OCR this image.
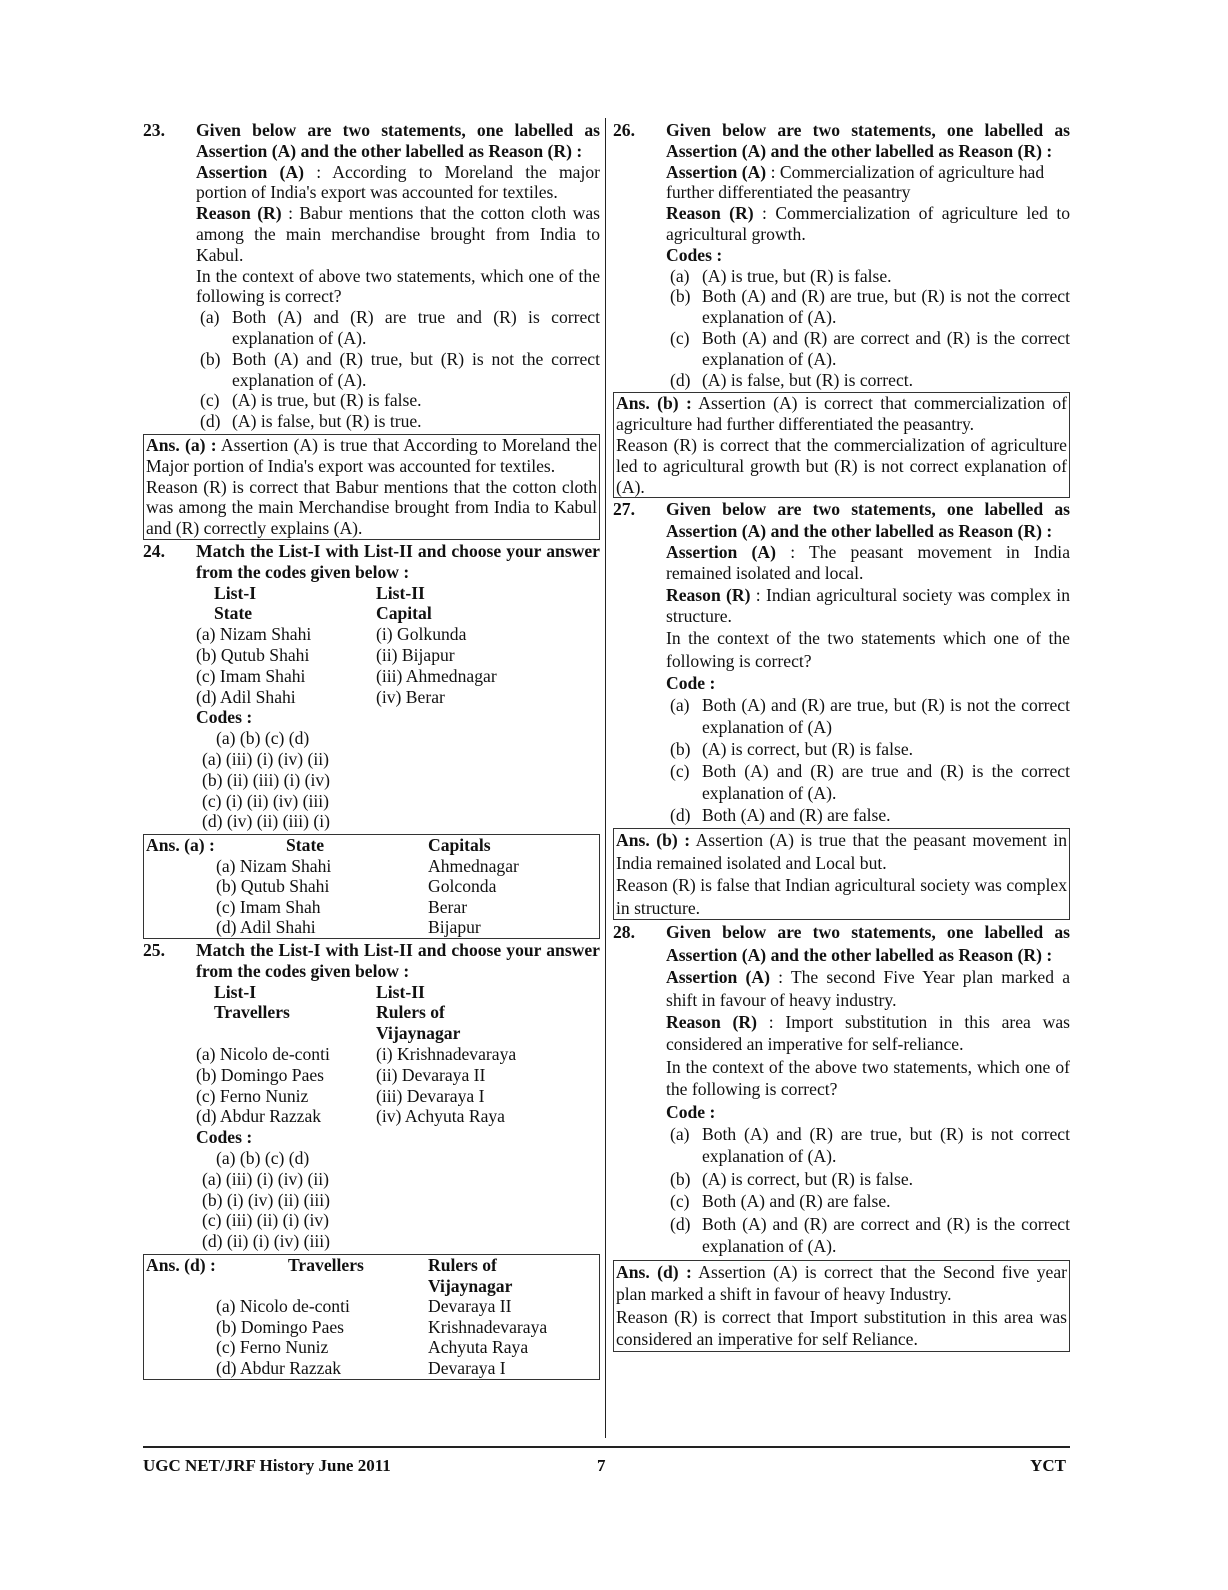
23. Given below are two statements, one labelled as Assertion (A) and the other labelled as Reason (R) :

Assertion (A) : According to Moreland the major portion of India's export was accounted for textiles.

Reason (R) : Babur mentions that the cotton cloth was among the main merchandise brought from India to Kabul.

In the context of above two statements, which one of the following is correct?

(a) Both (A) and (R) are true and (R) is correct explanation of (A).
(b) Both (A) and (R) true, but (R) is not the correct explanation of (A).
(c) (A) is true, but (R) is false.
(d) (A) is false, but (R) is true.

Ans. (a) : Assertion (A) is true that According to Moreland the Major portion of India's export was accounted for textiles.

Reason (R) is correct that Babur mentions that the cotton cloth was among the main Merchandise brought from India to Kabul and (R) correctly explains (A).

24. Match the List-I with List-II and choose your answer from the codes given below :
List-I	List-II
State	Capital
(a) Nizam Shahi	(i) Golkunda
(b) Qutub Shahi	(ii) Bijapur
(c) Imam Shahi	(iii) Ahmednagar
(d) Adil Shahi	(iv) Berar
Codes :
(a) (b) (c) (d)
(a) (iii) (i) (iv) (ii)
(b) (ii) (iii) (i) (iv)
(c) (i) (ii) (iv) (iii)
(d) (iv) (ii) (iii) (i)
Ans. (a) :	State	Capitals
	(a) Nizam Shahi	Ahmednagar
	(b) Qutub Shahi	Golconda
	(c) Imam Shah	Berar
	(d) Adil Shahi	Bijapur
25. Match the List-I with List-II and choose your answer from the codes given below :
List-I	List-II
Travellers	Rulers of
	Vijaynagar
(a) Nicolo de-conti	(i) Krishnadevaraya
(b) Domingo Paes	(ii) Devaraya II
(c) Ferno Nuniz	(iii) Devaraya I
(d) Abdur Razzak	(iv) Achyuta Raya
Codes :
(a) (b) (c) (d)
(a) (iii) (i) (iv) (ii)
(b) (i) (iv) (ii) (iii)
(c) (iii) (ii) (i) (iv)
(d) (ii) (i) (iv) (iii)
Ans. (d) :	Travellers	Rulers of
		Vijaynagar
	(a) Nicolo de-conti	Devaraya II
	(b) Domingo Paes	Krishnadevaraya
	(c) Ferno Nuniz	Achyuta Raya
	(d) Abdur Razzak	Devaraya I
26. Given below are two statements, one labelled as Assertion (A) and the other labelled as Reason (R) :

Assertion (A) : Commercialization of agriculture had further differentiated the peasantry

Reason (R) : Commercialization of agriculture led to agricultural growth.

Codes :
(a) (A) is true, but (R) is false.
(b) Both (A) and (R) are true, but (R) is not the correct explanation of (A).
(c) Both (A) and (R) are correct and (R) is the correct explanation of (A).
(d) (A) is false, but (R) is correct.

Ans. (b) : Assertion (A) is correct that commercialization of agriculture had further differentiated the peasantry.

Reason (R) is correct that the commercialization of agriculture led to agricultural growth but (R) is not correct explanation of (A).

27. Given below are two statements, one labelled as Assertion (A) and the other labelled as Reason (R) :

Assertion (A) : The peasant movement in India remained isolated and local.

Reason (R) : Indian agricultural society was complex in structure.

In the context of the two statements which one of the following is correct?

Code :
(a) Both (A) and (R) are true, but (R) is not the correct explanation of (A)
(b) (A) is correct, but (R) is false.
(c) Both (A) and (R) are true and (R) is the correct explanation of (A).
(d) Both (A) and (R) are false.

Ans. (b) : Assertion (A) is true that the peasant movement in India remained isolated and Local but.

Reason (R) is false that Indian agricultural society was complex in structure.

28. Given below are two statements, one labelled as Assertion (A) and the other labelled as Reason (R) :

Assertion (A) : The second Five Year plan marked a shift in favour of heavy industry.

Reason (R) : Import substitution in this area was considered an imperative for self-reliance.

In the context of the above two statements, which one of the following is correct?

Code :
(a) Both (A) and (R) are true, but (R) is not correct explanation of (A).
(b) (A) is correct, but (R) is false.
(c) Both (A) and (R) are false.
(d) Both (A) and (R) are correct and (R) is the correct explanation of (A).

Ans. (d) : Assertion (A) is correct that the Second five year plan marked a shift in favour of heavy Industry.

Reason (R) is correct that Import substitution in this area was considered an imperative for self Reliance.

UGC NET/JRF History June 2011	7	YCT
